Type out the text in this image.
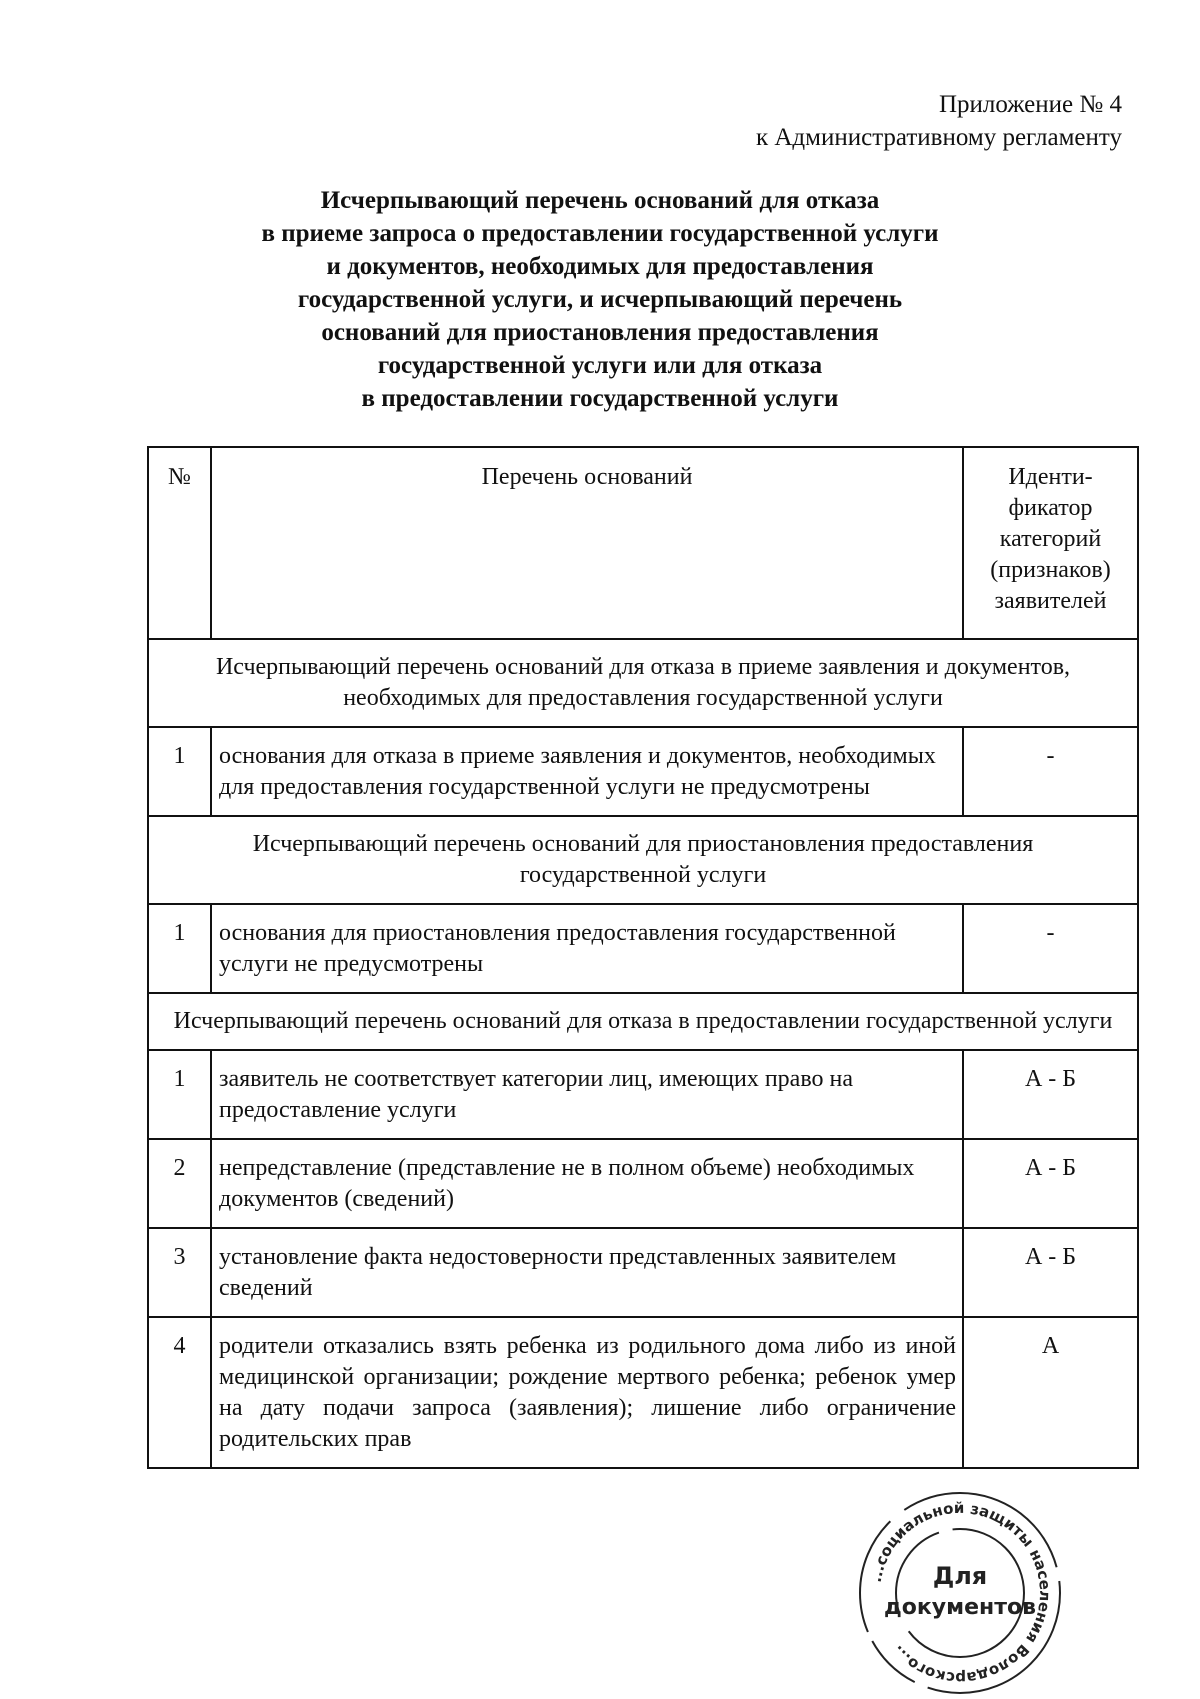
Приложение № 4
к Административному регламенту
Исчерпывающий перечень оснований для отказа
в приеме запроса о предоставлении государственной услуги
и документов, необходимых для предоставления
государственной услуги, и исчерпывающий перечень
оснований для приостановления предоставления
государственной услуги или для отказа
в предоставлении государственной услуги
№	Перечень оснований	Иденти-фикатор категорий (признаков) заявителей
Исчерпывающий перечень оснований для отказа в приеме заявления и документов, необходимых для предоставления государственной услуги		
1	основания для отказа в приеме заявления и документов, необходимых для предоставления государственной услуги не предусмотрены	-
Исчерпывающий перечень оснований для приостановления предоставления государственной услуги		
1	основания для приостановления предоставления государственной услуги не предусмотрены	-
Исчерпывающий перечень оснований для отказа в предоставлении государственной услуги		
1	заявитель не соответствует категории лиц, имеющих право на предоставление услуги	А - Б
2	непредставление (представление не в полном объеме) необходимых документов (сведений)	А - Б
3	установление факта недостоверности представленных заявителем сведений	А - Б
4	родители отказались взять ребенка из родильного дома либо из иной медицинской организации; рождение мертвого ребенка; ребенок умер на дату подачи запроса (заявления); лишение либо ограничение родительских прав	А
...социальной защиты населения Володарского...
Для
документов
